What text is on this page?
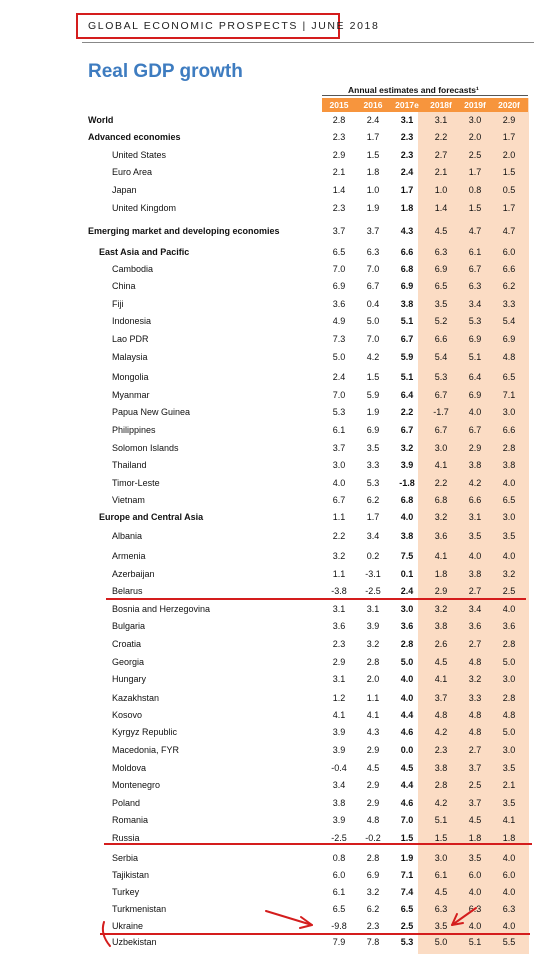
GLOBAL ECONOMIC PROSPECTS | JUNE 2018
Real GDP growth
Annual estimates and forecasts¹
2015	2016	2017e	2018f	2019f	2020f
World	2.8	2.4	3.1	3.1	3.0	2.9
Advanced economies	2.3	1.7	2.3	2.2	2.0	1.7
United States	2.9	1.5	2.3	2.7	2.5	2.0
Euro Area	2.1	1.8	2.4	2.1	1.7	1.5
Japan	1.4	1.0	1.7	1.0	0.8	0.5
United Kingdom	2.3	1.9	1.8	1.4	1.5	1.7
Emerging market and developing economies	3.7	3.7	4.3	4.5	4.7	4.7
East Asia and Pacific	6.5	6.3	6.6	6.3	6.1	6.0
Cambodia	7.0	7.0	6.8	6.9	6.7	6.6
China	6.9	6.7	6.9	6.5	6.3	6.2
Fiji	3.6	0.4	3.8	3.5	3.4	3.3
Indonesia	4.9	5.0	5.1	5.2	5.3	5.4
Lao PDR	7.3	7.0	6.7	6.6	6.9	6.9
Malaysia	5.0	4.2	5.9	5.4	5.1	4.8
Mongolia	2.4	1.5	5.1	5.3	6.4	6.5
Myanmar	7.0	5.9	6.4	6.7	6.9	7.1
Papua New Guinea	5.3	1.9	2.2	-1.7	4.0	3.0
Philippines	6.1	6.9	6.7	6.7	6.7	6.6
Solomon Islands	3.7	3.5	3.2	3.0	2.9	2.8
Thailand	3.0	3.3	3.9	4.1	3.8	3.8
Timor-Leste	4.0	5.3	-1.8	2.2	4.2	4.0
Vietnam	6.7	6.2	6.8	6.8	6.6	6.5
Europe and Central Asia	1.1	1.7	4.0	3.2	3.1	3.0
Albania	2.2	3.4	3.8	3.6	3.5	3.5
Armenia	3.2	0.2	7.5	4.1	4.0	4.0
Azerbaijan	1.1	-3.1	0.1	1.8	3.8	3.2
Belarus	-3.8	-2.5	2.4	2.9	2.7	2.5
Bosnia and Herzegovina	3.1	3.1	3.0	3.2	3.4	4.0
Bulgaria	3.6	3.9	3.6	3.8	3.6	3.6
Croatia	2.3	3.2	2.8	2.6	2.7	2.8
Georgia	2.9	2.8	5.0	4.5	4.8	5.0
Hungary	3.1	2.0	4.0	4.1	3.2	3.0
Kazakhstan	1.2	1.1	4.0	3.7	3.3	2.8
Kosovo	4.1	4.1	4.4	4.8	4.8	4.8
Kyrgyz Republic	3.9	4.3	4.6	4.2	4.8	5.0
Macedonia, FYR	3.9	2.9	0.0	2.3	2.7	3.0
Moldova	-0.4	4.5	4.5	3.8	3.7	3.5
Montenegro	3.4	2.9	4.4	2.8	2.5	2.1
Poland	3.8	2.9	4.6	4.2	3.7	3.5
Romania	3.9	4.8	7.0	5.1	4.5	4.1
Russia	-2.5	-0.2	1.5	1.5	1.8	1.8
Serbia	0.8	2.8	1.9	3.0	3.5	4.0
Tajikistan	6.0	6.9	7.1	6.1	6.0	6.0
Turkey	6.1	3.2	7.4	4.5	4.0	4.0
Turkmenistan	6.5	6.2	6.5	6.3	6.3	6.3
Ukraine	-9.8	2.3	2.5	3.5	4.0	4.0
Uzbekistan	7.9	7.8	5.3	5.0	5.1	5.5
